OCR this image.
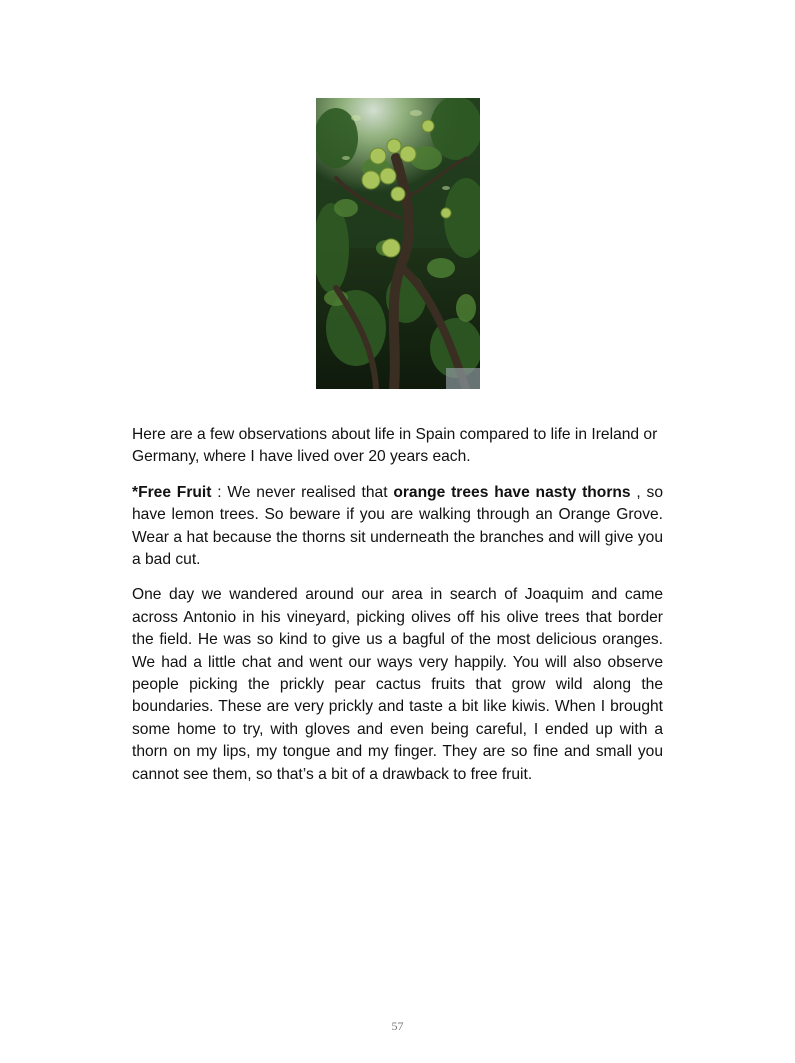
Here are a few observations about life in Spain compared to life in Ireland or Germany, where I have lived over 20 years each.

*Free Fruit : We never realised that orange trees have nasty thorns , so have lemon trees. So beware if you are walking through an Orange Grove. Wear a hat because the thorns sit underneath the branches and will give you a bad cut.

One day we wandered around our area in search of Joaquim and came across Antonio in his vineyard, picking olives off his olive trees that border the field. He was so kind to give us a bagful of the most delicious oranges. We had a little chat and went our ways very happily. You will also observe people picking the prickly pear cactus fruits that grow wild along the boundaries. These are very prickly and taste a bit like kiwis. When I brought some home to try, with gloves and even being careful, I ended up with a thorn on my lips, my tongue and my finger. They are so fine and small you cannot see them, so that’s a bit of a drawback to free fruit.

57
